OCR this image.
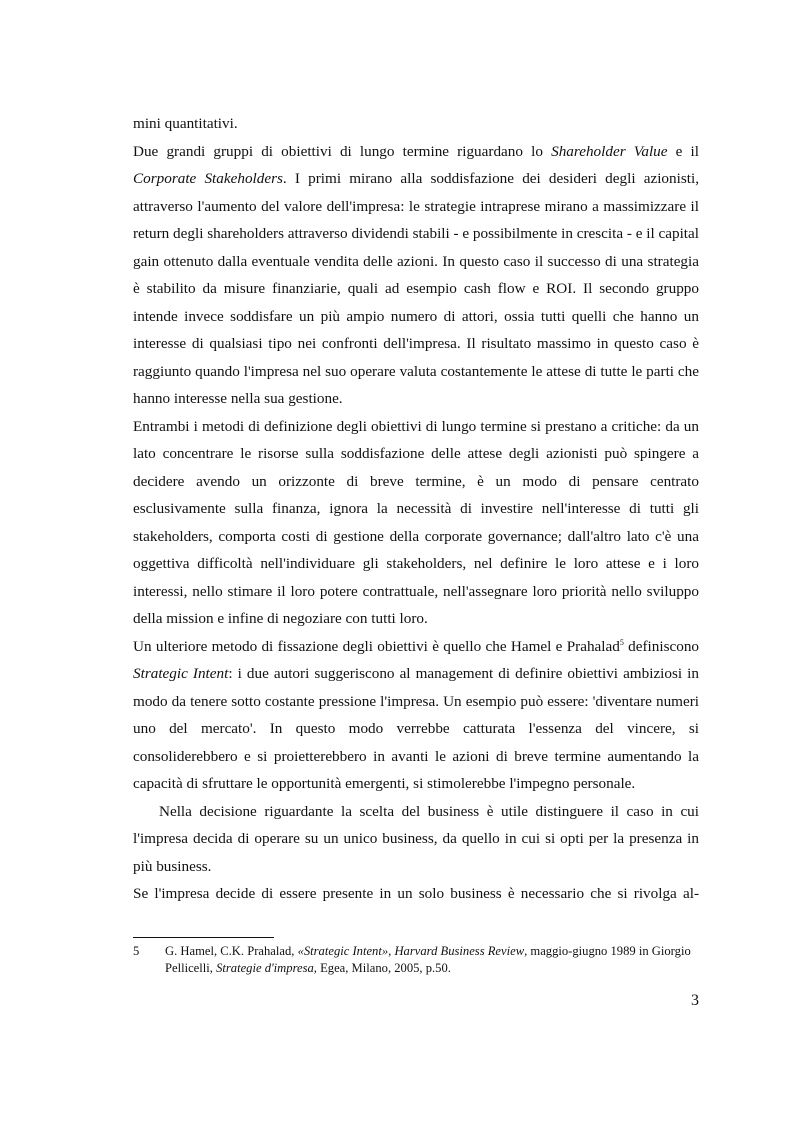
mini quantitativi.

Due grandi gruppi di obiettivi di lungo termine riguardano lo Shareholder Value e il Corporate Stakeholders. I primi mirano alla soddisfazione dei desideri degli azionisti, attraverso l'aumento del valore dell'impresa: le strategie intraprese mirano a massimizzare il return degli shareholders attraverso dividendi stabili - e possibilmente in crescita - e il capital gain ottenuto dalla eventuale vendita delle azioni. In questo caso il successo di una strategia è stabilito da misure finanziarie, quali ad esempio cash flow e ROI. Il secondo gruppo intende invece soddisfare un più ampio numero di attori, ossia tutti quelli che hanno un interesse di qualsiasi tipo nei confronti dell'impresa. Il risultato massimo in questo caso è raggiunto quando l'impresa nel suo operare valuta costantemente le attese di tutte le parti che hanno interesse nella sua gestione.

Entrambi i metodi di definizione degli obiettivi di lungo termine si prestano a critiche: da un lato concentrare le risorse sulla soddisfazione delle attese degli azionisti può spingere a decidere avendo un orizzonte di breve termine, è un modo di pensare centrato esclusivamente sulla finanza, ignora la necessità di investire nell'interesse di tutti gli stakeholders, comporta costi di gestione della corporate governance; dall'altro lato c'è una oggettiva difficoltà nell'individuare gli stakeholders, nel definire le loro attese e i loro interessi, nello stimare il loro potere contrattuale, nell'assegnare loro priorità nello sviluppo della mission e infine di negoziare con tutti loro.

Un ulteriore metodo di fissazione degli obiettivi è quello che Hamel e Prahalad$^5$ definiscono Strategic Intent: i due autori suggeriscono al management di definire obiettivi ambiziosi in modo da tenere sotto costante pressione l'impresa. Un esempio può essere: 'diventare numeri uno del mercato'. In questo modo verrebbe catturata l'essenza del vincere, si consoliderebbero e si proietterebbero in avanti le azioni di breve termine aumentando la capacità di sfruttare le opportunità emergenti, si stimolerebbe l'impegno personale.

Nella decisione riguardante la scelta del business è utile distinguere il caso in cui l'impresa decida di operare su un unico business, da quello in cui si opti per la presenza in più business.

Se l'impresa decide di essere presente in un solo business è necessario che si rivolga al-

5	G. Hamel, C.K. Prahalad, «Strategic Intent», Harvard Business Review, maggio-giugno 1989 in Giorgio Pellicelli, Strategie d'impresa, Egea, Milano, 2005, p.50.
3
